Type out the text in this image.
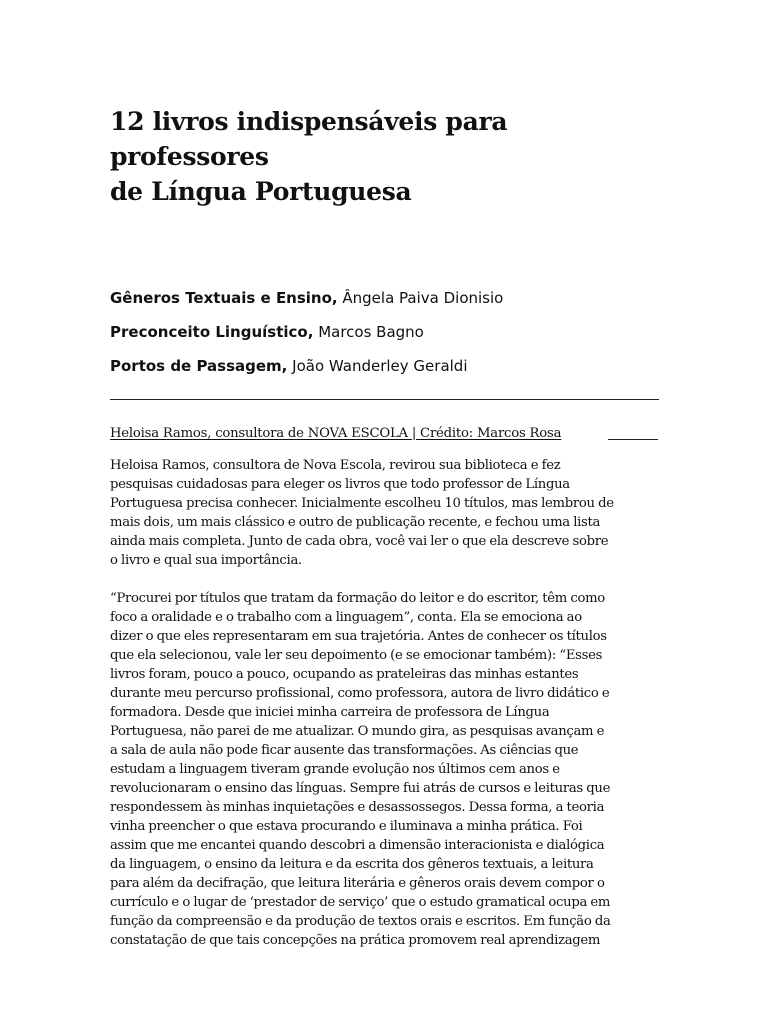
12 livros indispensáveis para professores
de Língua Portuguesa

Gêneros Textuais e Ensino, Ângela Paiva Dionisio

Preconceito Linguístico, Marcos Bagno

Portos de Passagem, João Wanderley Geraldi

Heloisa Ramos, consultora de NOVA ESCOLA | Crédito: Marcos Rosa

Heloisa Ramos, consultora de Nova Escola, revirou sua biblioteca e fez
pesquisas cuidadosas para eleger os livros que todo professor de Língua
Portuguesa precisa conhecer. Inicialmente escolheu 10 títulos, mas lembrou de
mais dois, um mais clássico e outro de publicação recente, e fechou uma lista
ainda mais completa. Junto de cada obra, você vai ler o que ela descreve sobre
o livro e qual sua importância.

“Procurei por títulos que tratam da formação do leitor e do escritor, têm como
foco a oralidade e o trabalho com a linguagem”, conta. Ela se emociona ao
dizer o que eles representaram em sua trajetória. Antes de conhecer os títulos
que ela selecionou, vale ler seu depoimento (e se emocionar também): “Esses
livros foram, pouco a pouco, ocupando as prateleiras das minhas estantes
durante meu percurso profissional, como professora, autora de livro didático e
formadora. Desde que iniciei minha carreira de professora de Língua
Portuguesa, não parei de me atualizar. O mundo gira, as pesquisas avançam e
a sala de aula não pode ficar ausente das transformações. As ciências que
estudam a linguagem tiveram grande evolução nos últimos cem anos e
revolucionaram o ensino das línguas. Sempre fui atrás de cursos e leituras que
respondessem às minhas inquietações e desassossegos. Dessa forma, a teoria
vinha preencher o que estava procurando e iluminava a minha prática. Foi
assim que me encantei quando descobri a dimensão interacionista e dialógica
da linguagem, o ensino da leitura e da escrita dos gêneros textuais, a leitura
para além da decifração, que leitura literária e gêneros orais devem compor o
currículo e o lugar de ‘prestador de serviço’ que o estudo gramatical ocupa em
função da compreensão e da produção de textos orais e escritos. Em função da
constatação de que tais concepções na prática promovem real aprendizagem
